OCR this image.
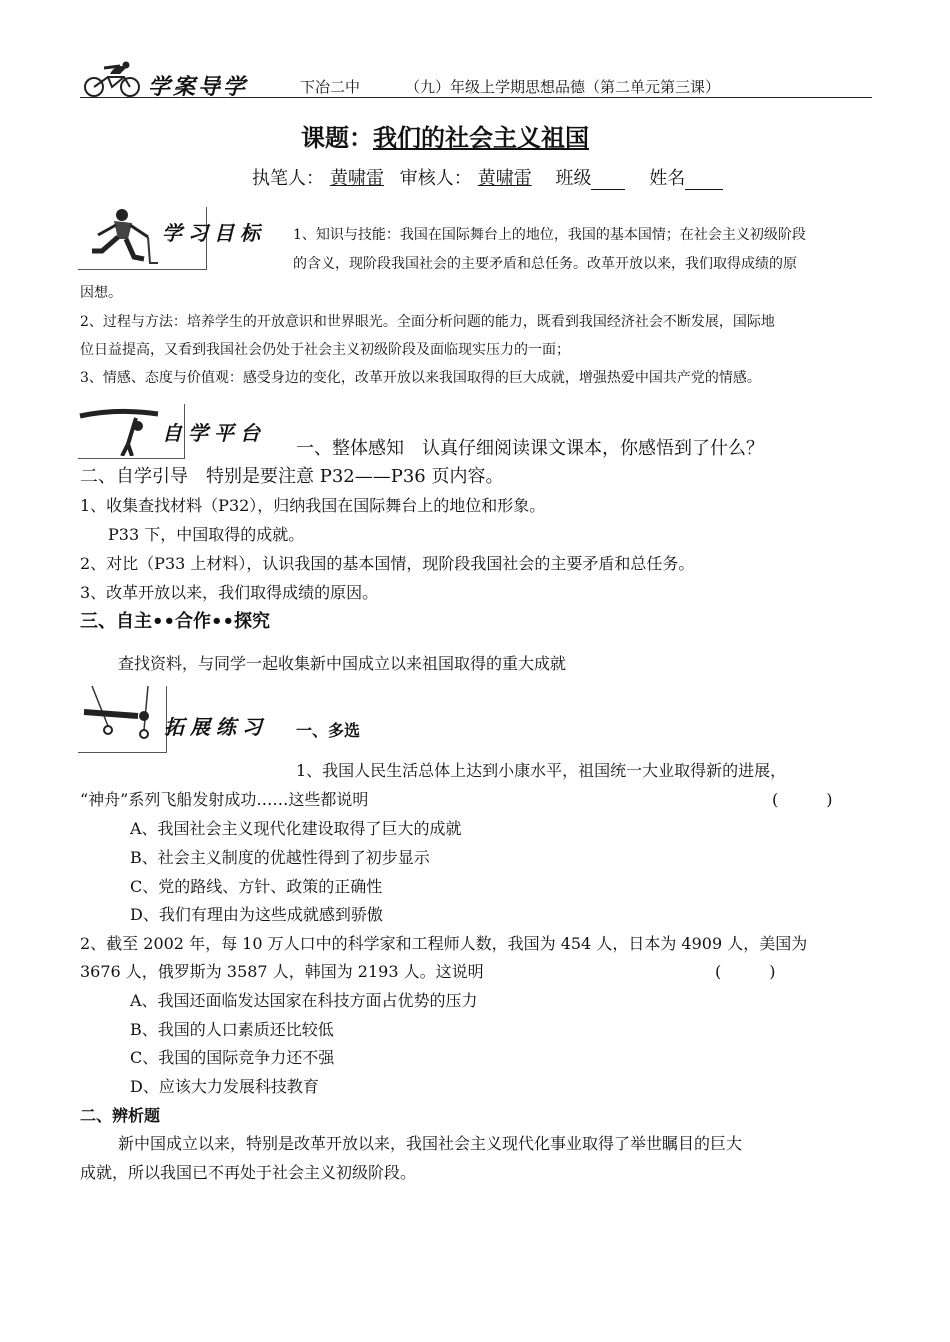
学案导学	下冶二中	（九）年级上学期思想品德（第二单元第三课）
课题：我们的社会主义祖国
执笔人： 黄啸雷 审核人： 黄啸雷 班级	姓名
学习目标 1、知识与技能：我国在国际舞台上的地位，我国的基本国情；在社会主义初级阶段
的含义，现阶段我国社会的主要矛盾和总任务。改革开放以来，我们取得成绩的原
因想。
2、过程与方法：培养学生的开放意识和世界眼光。全面分析问题的能力，既看到我国经济社会不断发展，国际地
位日益提高，又看到我国社会仍处于社会主义初级阶段及面临现实压力的一面；
3、情感、态度与价值观：感受身边的变化，改革开放以来我国取得的巨大成就，增强热爱中国共产党的情感。
自学平台
一、整体感知　认真仔细阅读课文课本，你感悟到了什么？
二、自学引导　特别是要注意 P32——P36 页内容。
1、收集查找材料（P32），归纳我国在国际舞台上的地位和形象。
P33 下，中国取得的成就。
2、对比（P33 上材料），认识我国的基本国情，现阶段我国社会的主要矛盾和总任务。
3、改革开放以来，我们取得成绩的原因。
三、自主••合作••探究
查找资料，与同学一起收集新中国成立以来祖国取得的重大成就
拓展练习 一、多选
1、我国人民生活总体上达到小康水平，祖国统一大业取得新的进展，
“神舟”系列飞船发射成功……这些都说明	(　　　)
A、我国社会主义现代化建设取得了巨大的成就
B、社会主义制度的优越性得到了初步显示
C、党的路线、方针、政策的正确性
D、我们有理由为这些成就感到骄傲
2、截至 2002 年，每 10 万人口中的科学家和工程师人数，我国为 454 人，日本为 4909 人，美国为
3676 人，俄罗斯为 3587 人，韩国为 2193 人。这说明	(　　　)
A、我国还面临发达国家在科技方面占优势的压力
B、我国的人口素质还比较低
C、我国的国际竞争力还不强
D、应该大力发展科技教育
二、辨析题
新中国成立以来，特别是改革开放以来，我国社会主义现代化事业取得了举世瞩目的巨大
成就，所以我国已不再处于社会主义初级阶段。
